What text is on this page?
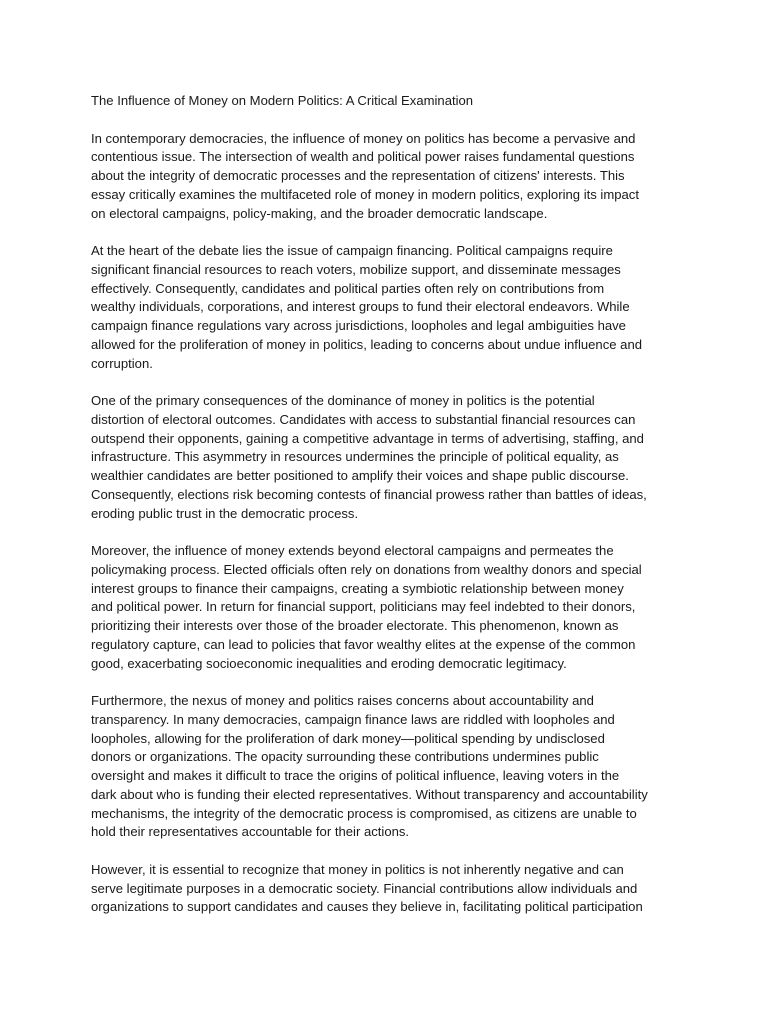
The Influence of Money on Modern Politics: A Critical Examination
In contemporary democracies, the influence of money on politics has become a pervasive and
contentious issue. The intersection of wealth and political power raises fundamental questions
about the integrity of democratic processes and the representation of citizens' interests. This
essay critically examines the multifaceted role of money in modern politics, exploring its impact
on electoral campaigns, policy-making, and the broader democratic landscape.
At the heart of the debate lies the issue of campaign financing. Political campaigns require
significant financial resources to reach voters, mobilize support, and disseminate messages
effectively. Consequently, candidates and political parties often rely on contributions from
wealthy individuals, corporations, and interest groups to fund their electoral endeavors. While
campaign finance regulations vary across jurisdictions, loopholes and legal ambiguities have
allowed for the proliferation of money in politics, leading to concerns about undue influence and
corruption.
One of the primary consequences of the dominance of money in politics is the potential
distortion of electoral outcomes. Candidates with access to substantial financial resources can
outspend their opponents, gaining a competitive advantage in terms of advertising, staffing, and
infrastructure. This asymmetry in resources undermines the principle of political equality, as
wealthier candidates are better positioned to amplify their voices and shape public discourse.
Consequently, elections risk becoming contests of financial prowess rather than battles of ideas,
eroding public trust in the democratic process.
Moreover, the influence of money extends beyond electoral campaigns and permeates the
policymaking process. Elected officials often rely on donations from wealthy donors and special
interest groups to finance their campaigns, creating a symbiotic relationship between money
and political power. In return for financial support, politicians may feel indebted to their donors,
prioritizing their interests over those of the broader electorate. This phenomenon, known as
regulatory capture, can lead to policies that favor wealthy elites at the expense of the common
good, exacerbating socioeconomic inequalities and eroding democratic legitimacy.
Furthermore, the nexus of money and politics raises concerns about accountability and
transparency. In many democracies, campaign finance laws are riddled with loopholes and
loopholes, allowing for the proliferation of dark money—political spending by undisclosed
donors or organizations. The opacity surrounding these contributions undermines public
oversight and makes it difficult to trace the origins of political influence, leaving voters in the
dark about who is funding their elected representatives. Without transparency and accountability
mechanisms, the integrity of the democratic process is compromised, as citizens are unable to
hold their representatives accountable for their actions.
However, it is essential to recognize that money in politics is not inherently negative and can
serve legitimate purposes in a democratic society. Financial contributions allow individuals and
organizations to support candidates and causes they believe in, facilitating political participation
